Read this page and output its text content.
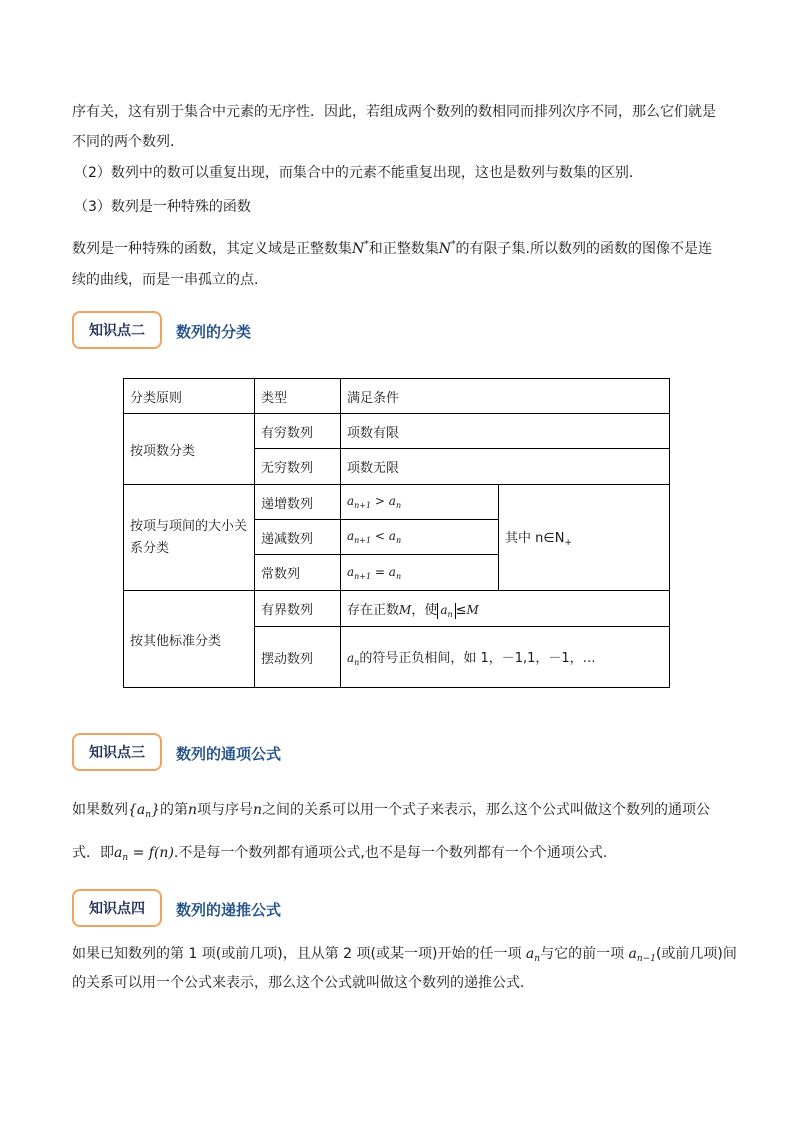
序有关，这有别于集合中元素的无序性．因此，若组成两个数列的数相同而排列次序不同，那么它们就是
不同的两个数列．
（2）数列中的数可以重复出现，而集合中的元素不能重复出现，这也是数列与数集的区别．
（3）数列是一种特殊的函数
数列是一种特殊的函数，其定义域是正整数集N*和正整数集N*的有限子集.所以数列的函数的图像不是连
续的曲线，而是一串孤立的点.
知识点二	数列的分类
分类原则	类型	满足条件	
按项数分类	有穷数列	项数有限	
	无穷数列	项数无限	
按项与项间的大小关系分类	递增数列	$a_{n+1} > a_n$	其中 $n\in N_+$
	递减数列	$a_{n+1} < a_n$
	常数列	$a_{n+1} = a_n$
按其他标准分类	有界数列	存在正数M，使 $a_n \le M$	
	摆动数列	$a_n$的符号正负相间，如 1，－1,1，－1，…	
知识点三	数列的通项公式
如果数列$\{a_n\}$的第n项与序号n之间的关系可以用一个式子来表示，那么这个公式叫做这个数列的通项公
式．即$a_n = f(n)$.不是每一个数列都有通项公式,也不是每一个数列都有一个个通项公式.
知识点四	数列的递推公式
如果已知数列的第 1 项(或前几项)，且从第 2 项(或某一项)开始的任一项 $a_n$与它的前一项 $a_{n-1}$(或前几项)间
的关系可以用一个公式来表示，那么这个公式就叫做这个数列的递推公式．
